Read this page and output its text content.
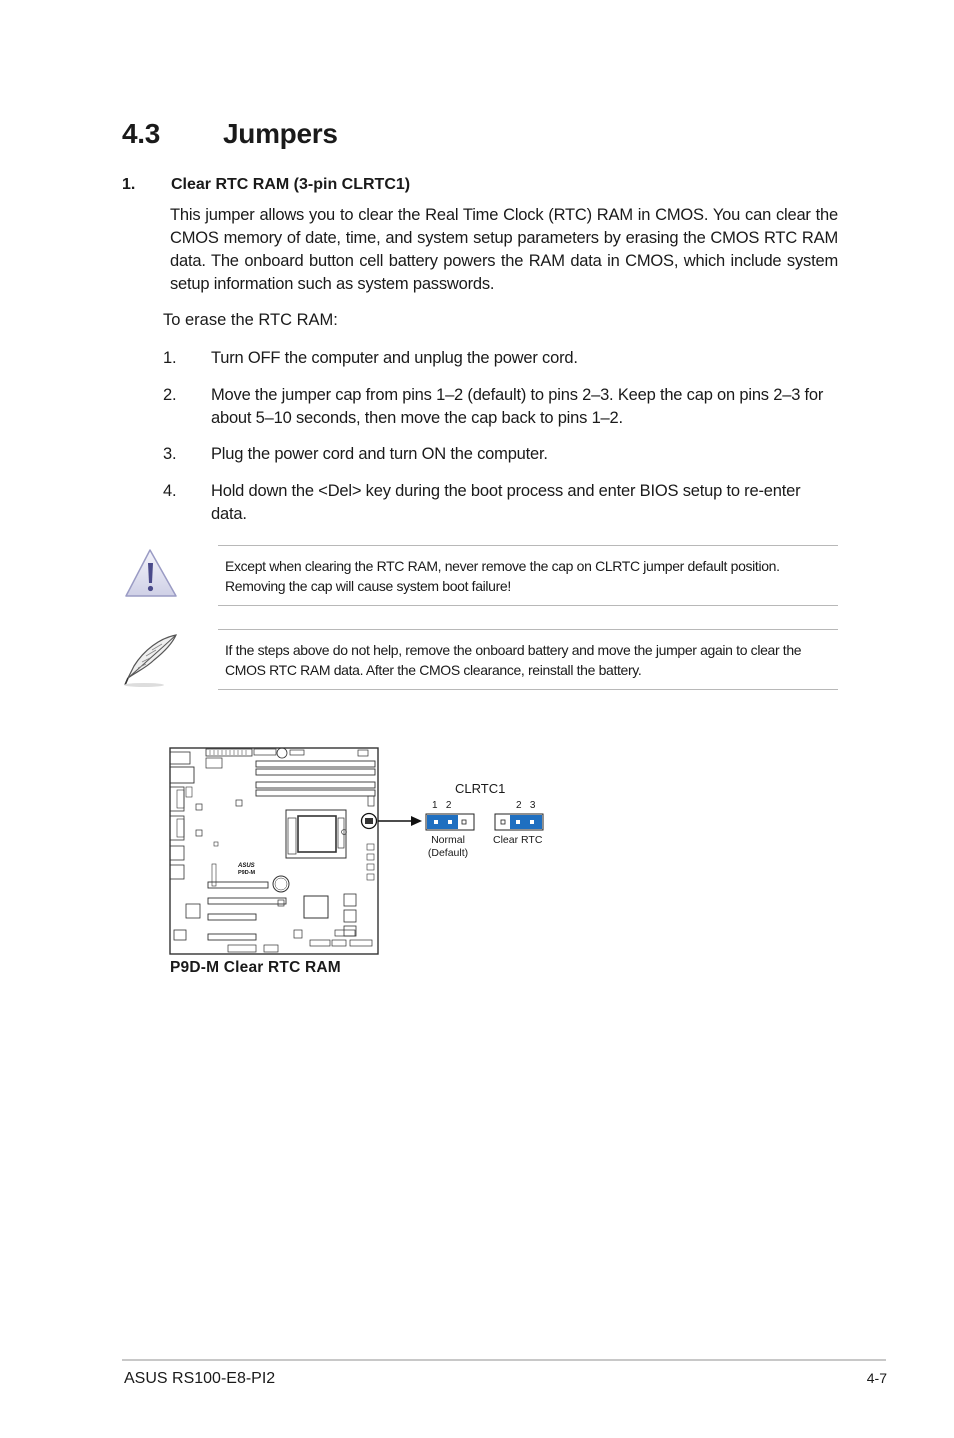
4.3 Jumpers
1. Clear RTC RAM (3-pin CLRTC1)
This jumper allows you to clear the Real Time Clock (RTC) RAM in CMOS. You can clear the CMOS memory of date, time, and system setup parameters by erasing the CMOS RTC RAM data. The onboard button cell battery powers the RAM data in CMOS, which include system setup information such as system passwords.
To erase the RTC RAM:
1. Turn OFF the computer and unplug the power cord.
2. Move the jumper cap from pins 1–2 (default) to pins 2–3. Keep the cap on pins 2–3 for about 5–10 seconds, then move the cap back to pins 1–2.
3. Plug the power cord and turn ON the computer.
4. Hold down the <Del> key during the boot process and enter BIOS setup to re-enter data.
Except when clearing the RTC RAM, never remove the cap on CLRTC jumper default position. Removing the cap will cause system boot failure!
If the steps above do not help, remove the onboard battery and move the jumper again to clear the CMOS RTC RAM data. After the CMOS clearance, reinstall the battery.
ASUS
P9D-M
CLRTC1
1   2	2   3
Normal
(Default)
Clear RTC
P9D-M Clear RTC RAM
ASUS RS100-E8-PI2	4-7
